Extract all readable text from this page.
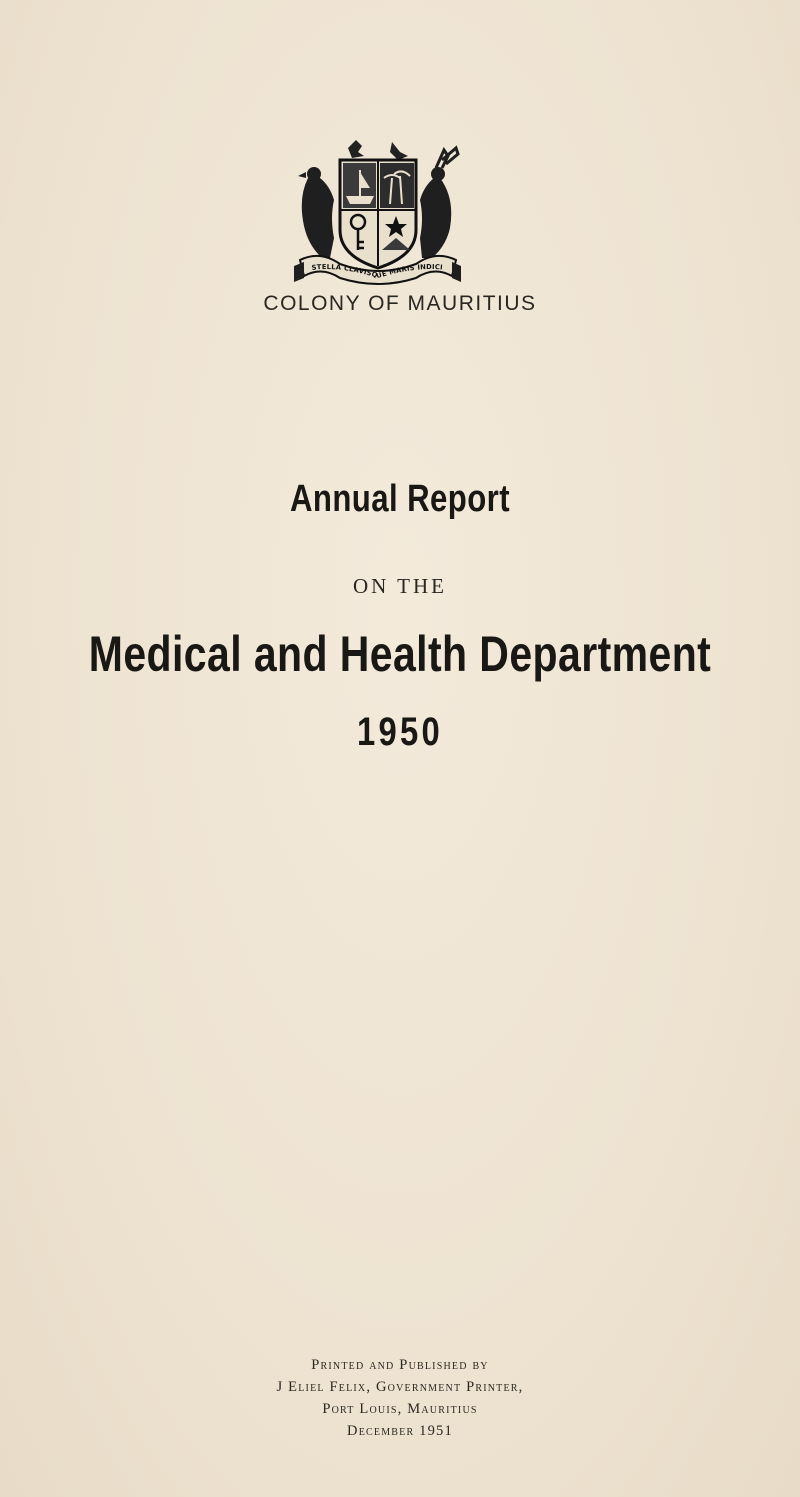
STELLA CLAVISQUE MARIS INDICI
COLONY OF MAURITIUS
Annual Report
ON THE
Medical and Health Department
1950
Printed and Published by
J Eliel Felix, Government Printer,
Port Louis, Mauritius
December 1951
